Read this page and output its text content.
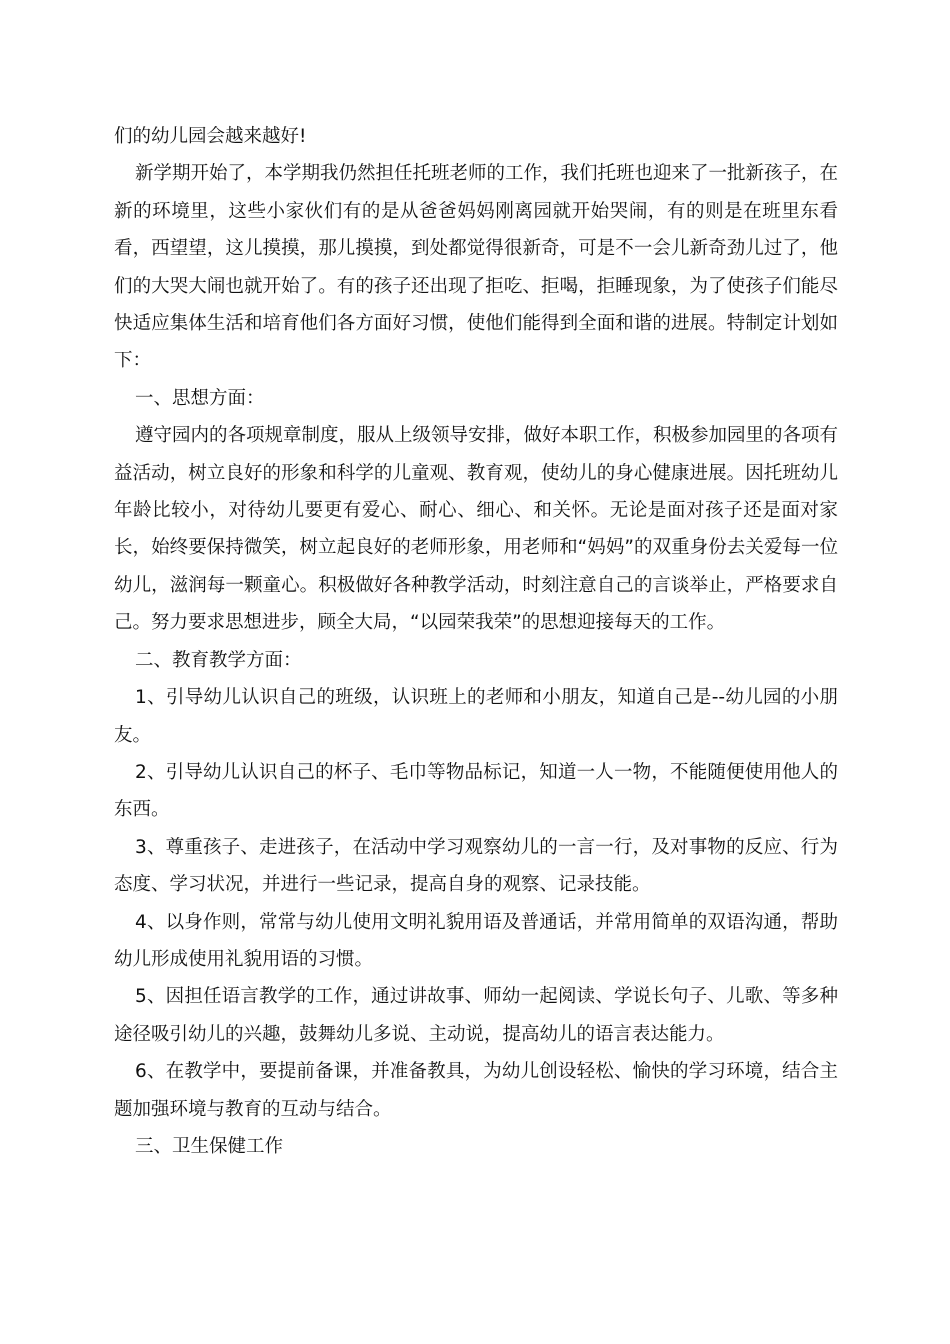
们的幼儿园会越来越好!

新学期开始了，本学期我仍然担任托班老师的工作，我们托班也迎来了一批新孩子，在新的环境里，这些小家伙们有的是从爸爸妈妈刚离园就开始哭闹，有的则是在班里东看看，西望望，这儿摸摸，那儿摸摸，到处都觉得很新奇，可是不一会儿新奇劲儿过了，他们的大哭大闹也就开始了。有的孩子还出现了拒吃、拒喝，拒睡现象，为了使孩子们能尽快适应集体生活和培育他们各方面好习惯，使他们能得到全面和谐的进展。特制定计划如下：

一、思想方面：

遵守园内的各项规章制度，服从上级领导安排，做好本职工作，积极参加园里的各项有益活动，树立良好的形象和科学的儿童观、教育观，使幼儿的身心健康进展。因托班幼儿年龄比较小，对待幼儿要更有爱心、耐心、细心、和关怀。无论是面对孩子还是面对家长，始终要保持微笑，树立起良好的老师形象，用老师和“妈妈”的双重身份去关爱每一位幼儿，滋润每一颗童心。积极做好各种教学活动，时刻注意自己的言谈举止，严格要求自己。努力要求思想进步，顾全大局，“以园荣我荣”的思想迎接每天的工作。

二、教育教学方面：

1、引导幼儿认识自己的班级，认识班上的老师和小朋友，知道自己是--幼儿园的小朋友。

2、引导幼儿认识自己的杯子、毛巾等物品标记，知道一人一物，不能随便使用他人的东西。

3、尊重孩子、走进孩子，在活动中学习观察幼儿的一言一行，及对事物的反应、行为态度、学习状况，并进行一些记录，提高自身的观察、记录技能。

4、以身作则，常常与幼儿使用文明礼貌用语及普通话，并常用简单的双语沟通，帮助幼儿形成使用礼貌用语的习惯。

5、因担任语言教学的工作，通过讲故事、师幼一起阅读、学说长句子、儿歌、等多种途径吸引幼儿的兴趣，鼓舞幼儿多说、主动说，提高幼儿的语言表达能力。

6、在教学中，要提前备课，并准备教具，为幼儿创设轻松、愉快的学习环境，结合主题加强环境与教育的互动与结合。

三、卫生保健工作
